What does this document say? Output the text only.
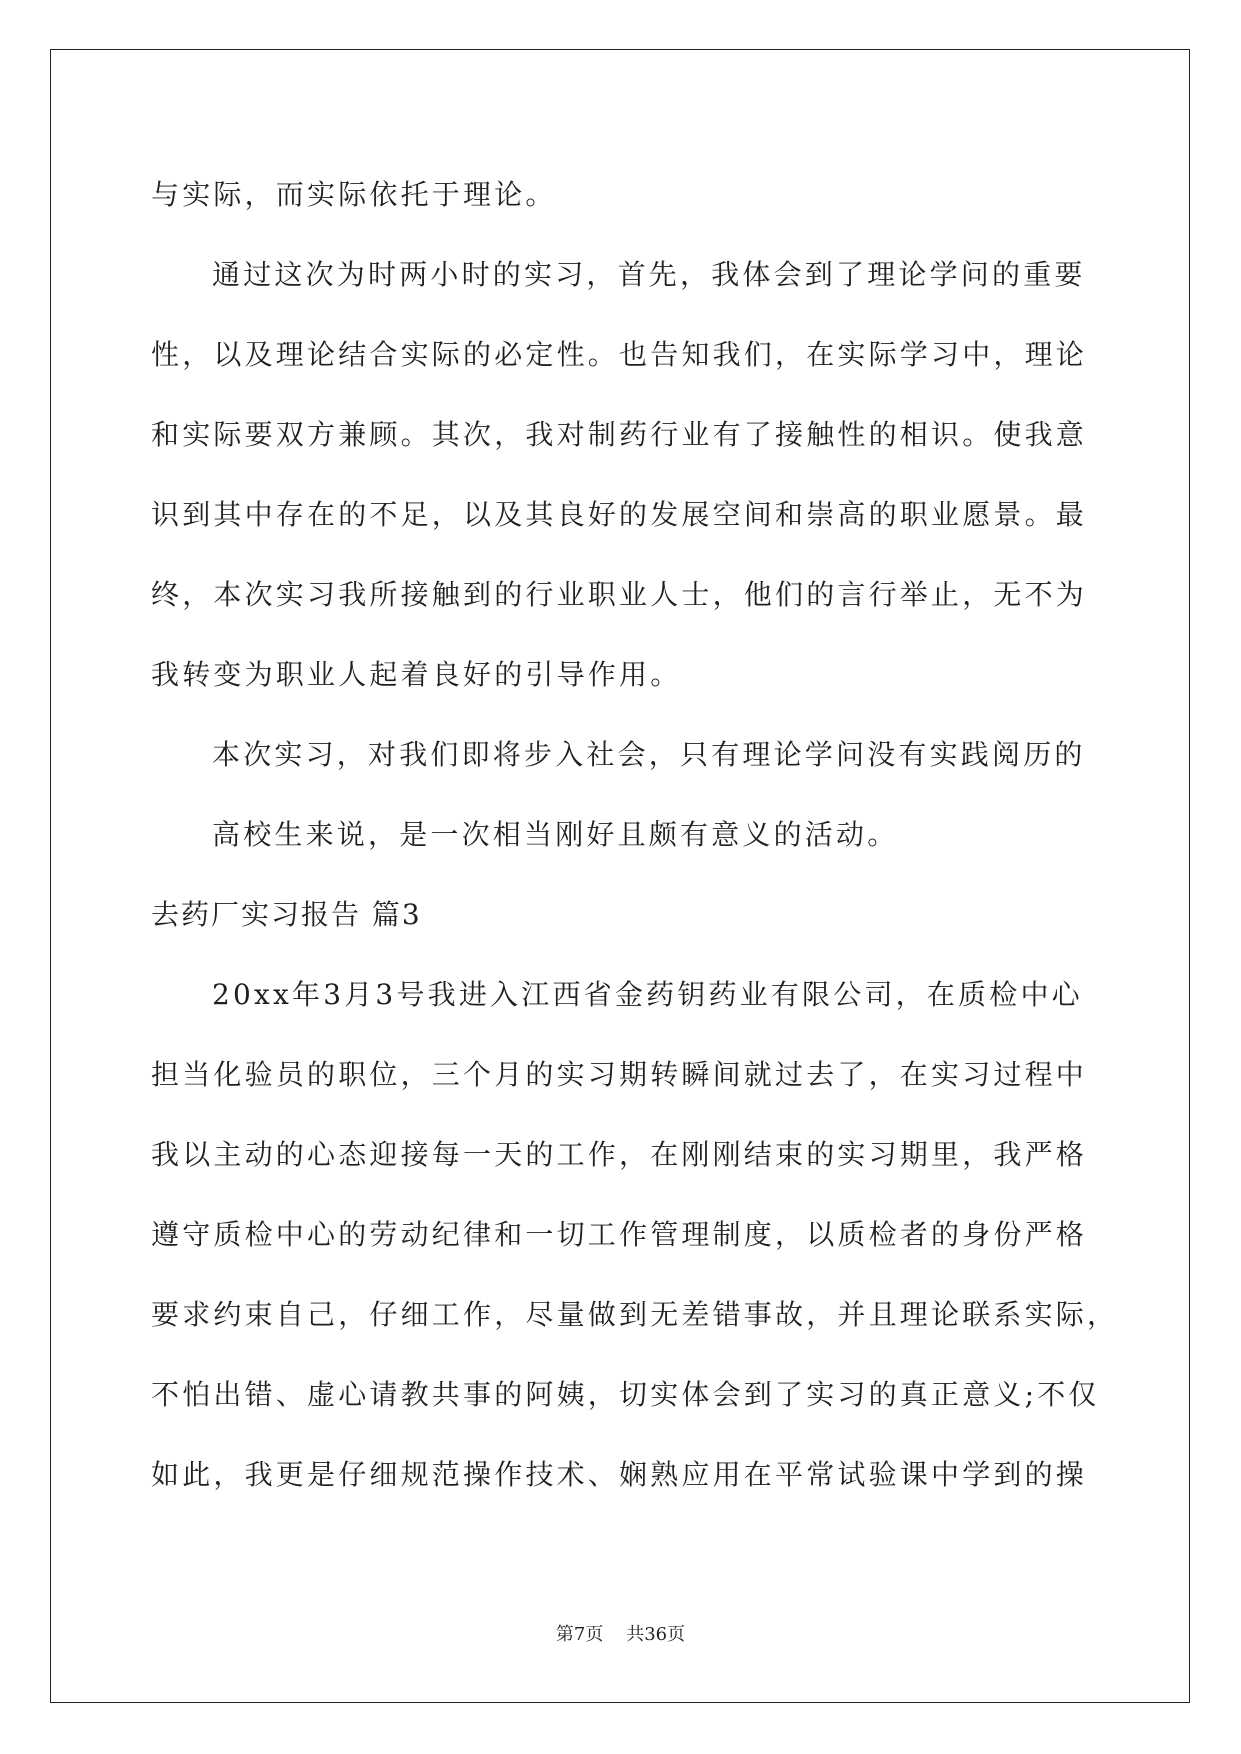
与实际，而实际依托于理论。
通过这次为时两小时的实习，首先，我体会到了理论学问的重要
性，以及理论结合实际的必定性。也告知我们，在实际学习中，理论
和实际要双方兼顾。其次，我对制药行业有了接触性的相识。使我意
识到其中存在的不足，以及其良好的发展空间和崇高的职业愿景。最
终，本次实习我所接触到的行业职业人士，他们的言行举止，无不为
我转变为职业人起着良好的引导作用。
本次实习，对我们即将步入社会，只有理论学问没有实践阅历的
高校生来说，是一次相当刚好且颇有意义的活动。
去药厂实习报告 篇3
20xx年3月3号我进入江西省金药钥药业有限公司，在质检中心
担当化验员的职位，三个月的实习期转瞬间就过去了，在实习过程中
我以主动的心态迎接每一天的工作，在刚刚结束的实习期里，我严格
遵守质检中心的劳动纪律和一切工作管理制度，以质检者的身份严格
要求约束自己，仔细工作，尽量做到无差错事故，并且理论联系实际，
不怕出错、虚心请教共事的阿姨，切实体会到了实习的真正意义;不仅
如此，我更是仔细规范操作技术、娴熟应用在平常试验课中学到的操
第7页 共36页
